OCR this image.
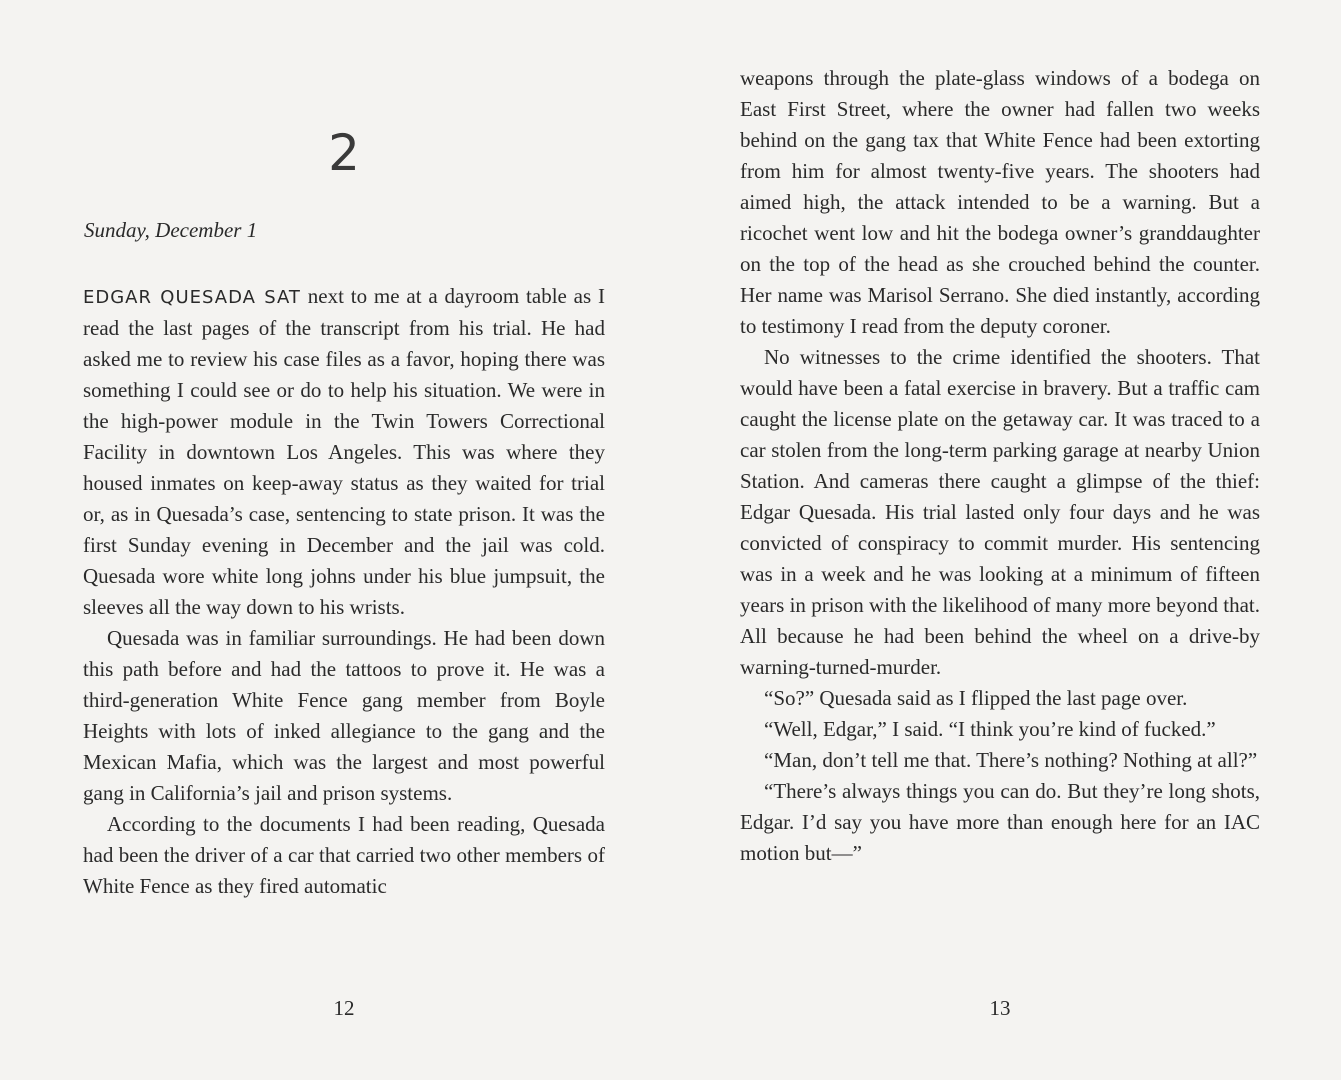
2

Sunday, December 1

EDGAR QUESADA SAT next to me at a dayroom table as I read the last pages of the transcript from his trial. He had asked me to review his case files as a favor, hoping there was something I could see or do to help his situation. We were in the high-power module in the Twin Towers Correctional Facility in downtown Los Angeles. This was where they housed inmates on keep-away status as they waited for trial or, as in Quesada’s case, sentencing to state prison. It was the first Sunday evening in December and the jail was cold. Quesada wore white long johns under his blue jumpsuit, the sleeves all the way down to his wrists.

Quesada was in familiar surroundings. He had been down this path before and had the tattoos to prove it. He was a third-generation White Fence gang member from Boyle Heights with lots of inked allegiance to the gang and the Mexican Mafia, which was the largest and most powerful gang in California’s jail and prison systems.

According to the documents I had been reading, Quesada had been the driver of a car that carried two other members of White Fence as they fired automatic

12

weapons through the plate-glass windows of a bodega on East First Street, where the owner had fallen two weeks behind on the gang tax that White Fence had been extorting from him for almost twenty-five years. The shooters had aimed high, the attack intended to be a warning. But a ricochet went low and hit the bodega owner’s granddaughter on the top of the head as she crouched behind the counter. Her name was Marisol Serrano. She died instantly, according to testimony I read from the deputy coroner.

No witnesses to the crime identified the shooters. That would have been a fatal exercise in bravery. But a traffic cam caught the license plate on the getaway car. It was traced to a car stolen from the long-term parking garage at nearby Union Station. And cameras there caught a glimpse of the thief: Edgar Quesada. His trial lasted only four days and he was convicted of conspiracy to commit murder. His sentencing was in a week and he was looking at a minimum of fifteen years in prison with the likelihood of many more beyond that. All because he had been behind the wheel on a drive-by warning-turned-murder.

“So?” Quesada said as I flipped the last page over.

“Well, Edgar,” I said. “I think you’re kind of fucked.”

“Man, don’t tell me that. There’s nothing? Nothing at all?”

“There’s always things you can do. But they’re long shots, Edgar. I’d say you have more than enough here for an IAC motion but—”

13
